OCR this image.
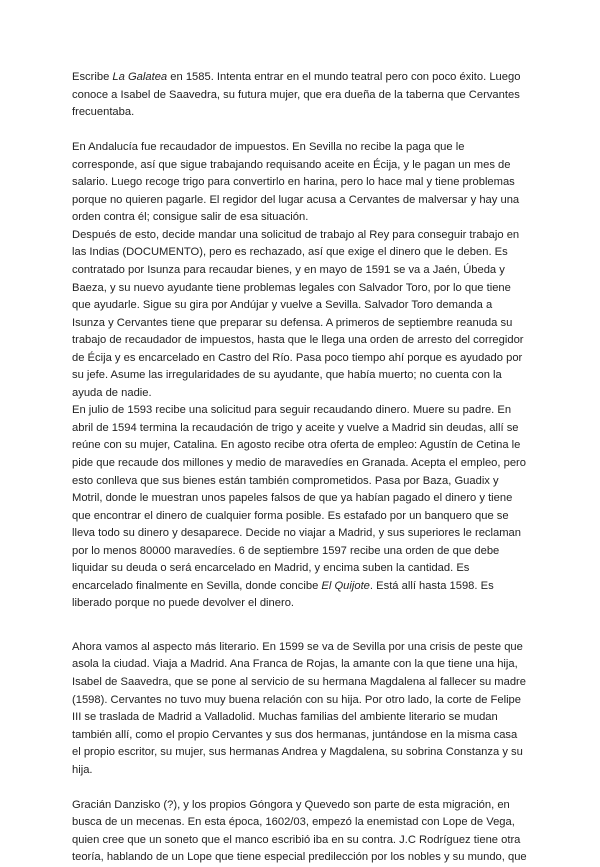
Escribe La Galatea en 1585. Intenta entrar en el mundo teatral pero con poco éxito. Luego conoce a Isabel de Saavedra, su futura mujer, que era dueña de la taberna que Cervantes frecuentaba.

En Andalucía fue recaudador de impuestos. En Sevilla no recibe la paga que le corresponde, así que sigue trabajando requisando aceite en Écija, y le pagan un mes de salario. Luego recoge trigo para convertirlo en harina, pero lo hace mal y tiene problemas porque no quieren pagarle. El regidor del lugar acusa a Cervantes de malversar y hay una orden contra él; consigue salir de esa situación.

Después de esto, decide mandar una solicitud de trabajo al Rey para conseguir trabajo en las Indias (DOCUMENTO), pero es rechazado, así que exige el dinero que le deben. Es contratado por Isunza para recaudar bienes, y en mayo de 1591 se va a Jaén, Úbeda y Baeza, y su nuevo ayudante tiene problemas legales con Salvador Toro, por lo que tiene que ayudarle. Sigue su gira por Andújar y vuelve a Sevilla. Salvador Toro demanda a Isunza y Cervantes tiene que preparar su defensa. A primeros de septiembre reanuda su trabajo de recaudador de impuestos, hasta que le llega una orden de arresto del corregidor de Écija y es encarcelado en Castro del Río. Pasa poco tiempo ahí porque es ayudado por su jefe. Asume las irregularidades de su ayudante, que había muerto; no cuenta con la ayuda de nadie.

En julio de 1593 recibe una solicitud para seguir recaudando dinero. Muere su padre. En abril de 1594 termina la recaudación de trigo y aceite y vuelve a Madrid sin deudas, allí se reúne con su mujer, Catalina. En agosto recibe otra oferta de empleo: Agustín de Cetina le pide que recaude dos millones y medio de maravedíes en Granada. Acepta el empleo, pero esto conlleva que sus bienes están también comprometidos. Pasa por Baza, Guadix y Motril, donde le muestran unos papeles falsos de que ya habían pagado el dinero y tiene que encontrar el dinero de cualquier forma posible. Es estafado por un banquero que se lleva todo su dinero y desaparece. Decide no viajar a Madrid, y sus superiores le reclaman por lo menos 80000 maravedíes. 6 de septiembre 1597 recibe una orden de que debe liquidar su deuda o será encarcelado en Madrid, y encima suben la cantidad. Es encarcelado finalmente en Sevilla, donde concibe El Quijote. Está allí hasta 1598. Es liberado porque no puede devolver el dinero.

Ahora vamos al aspecto más literario. En 1599 se va de Sevilla por una crisis de peste que asola la ciudad. Viaja a Madrid. Ana Franca de Rojas, la amante con la que tiene una hija, Isabel de Saavedra, que se pone al servicio de su hermana Magdalena al fallecer su madre (1598). Cervantes no tuvo muy buena relación con su hija. Por otro lado, la corte de Felipe III se traslada de Madrid a Valladolid. Muchas familias del ambiente literario se mudan también allí, como el propio Cervantes y sus dos hermanas, juntándose en la misma casa el propio escritor, su mujer, sus hermanas Andrea y Magdalena, su sobrina Constanza y su hija.

Gracián Danzisko (?), y los propios Góngora y Quevedo son parte de esta migración, en busca de un mecenas. En esta época, 1602/03, empezó la enemistad con Lope de Vega, quien cree que un soneto que el manco escribió iba en su contra. J.C Rodríguez tiene otra teoría, hablando de un Lope que tiene especial predilección por los nobles y su mundo, que
